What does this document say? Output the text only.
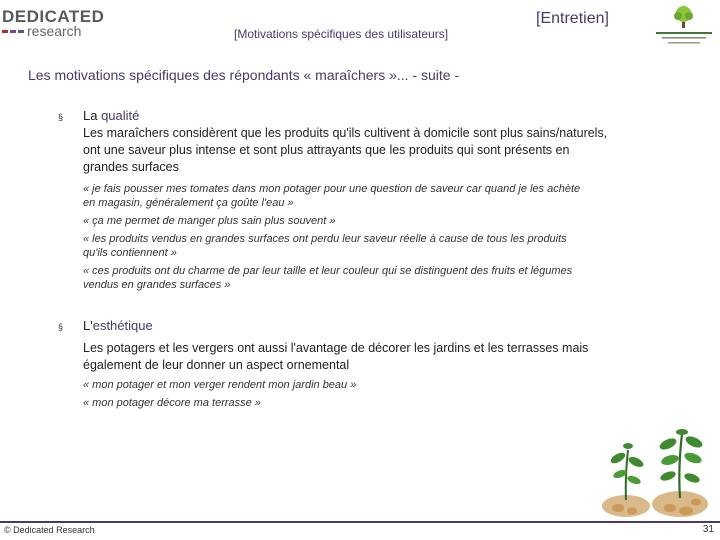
DEDICATED
research	[Motivations spécifiques des utilisateurs]
[Entretien]
Les motivations spécifiques des répondants « maraîchers »... - suite -
§ La qualité
Les maraîchers considèrent que les produits qu'ils cultivent à domicile sont plus sains/naturels,
ont une saveur plus intense et sont plus attrayants que les produits qui sont présents en
grandes surfaces
« je fais pousser mes tomates dans mon potager pour une question de saveur car quand je les achète
en magasin, généralement ça goûte l'eau »
« ça me permet de manger plus sain plus souvent »
« les produits vendus en grandes surfaces ont perdu leur saveur réelle à cause de tous les produits
qu'ils contiennent »
« ces produits ont du charme de par leur taille et leur couleur qui se distinguent des fruits et légumes
vendus en grandes surfaces »
§ L'esthétique
Les potagers et les vergers ont aussi l'avantage de décorer les jardins et les terrasses mais
également de leur donner un aspect ornemental
« mon potager et mon verger rendent mon jardin beau »
« mon potager décore ma terrasse »
© Dedicated Research	31
